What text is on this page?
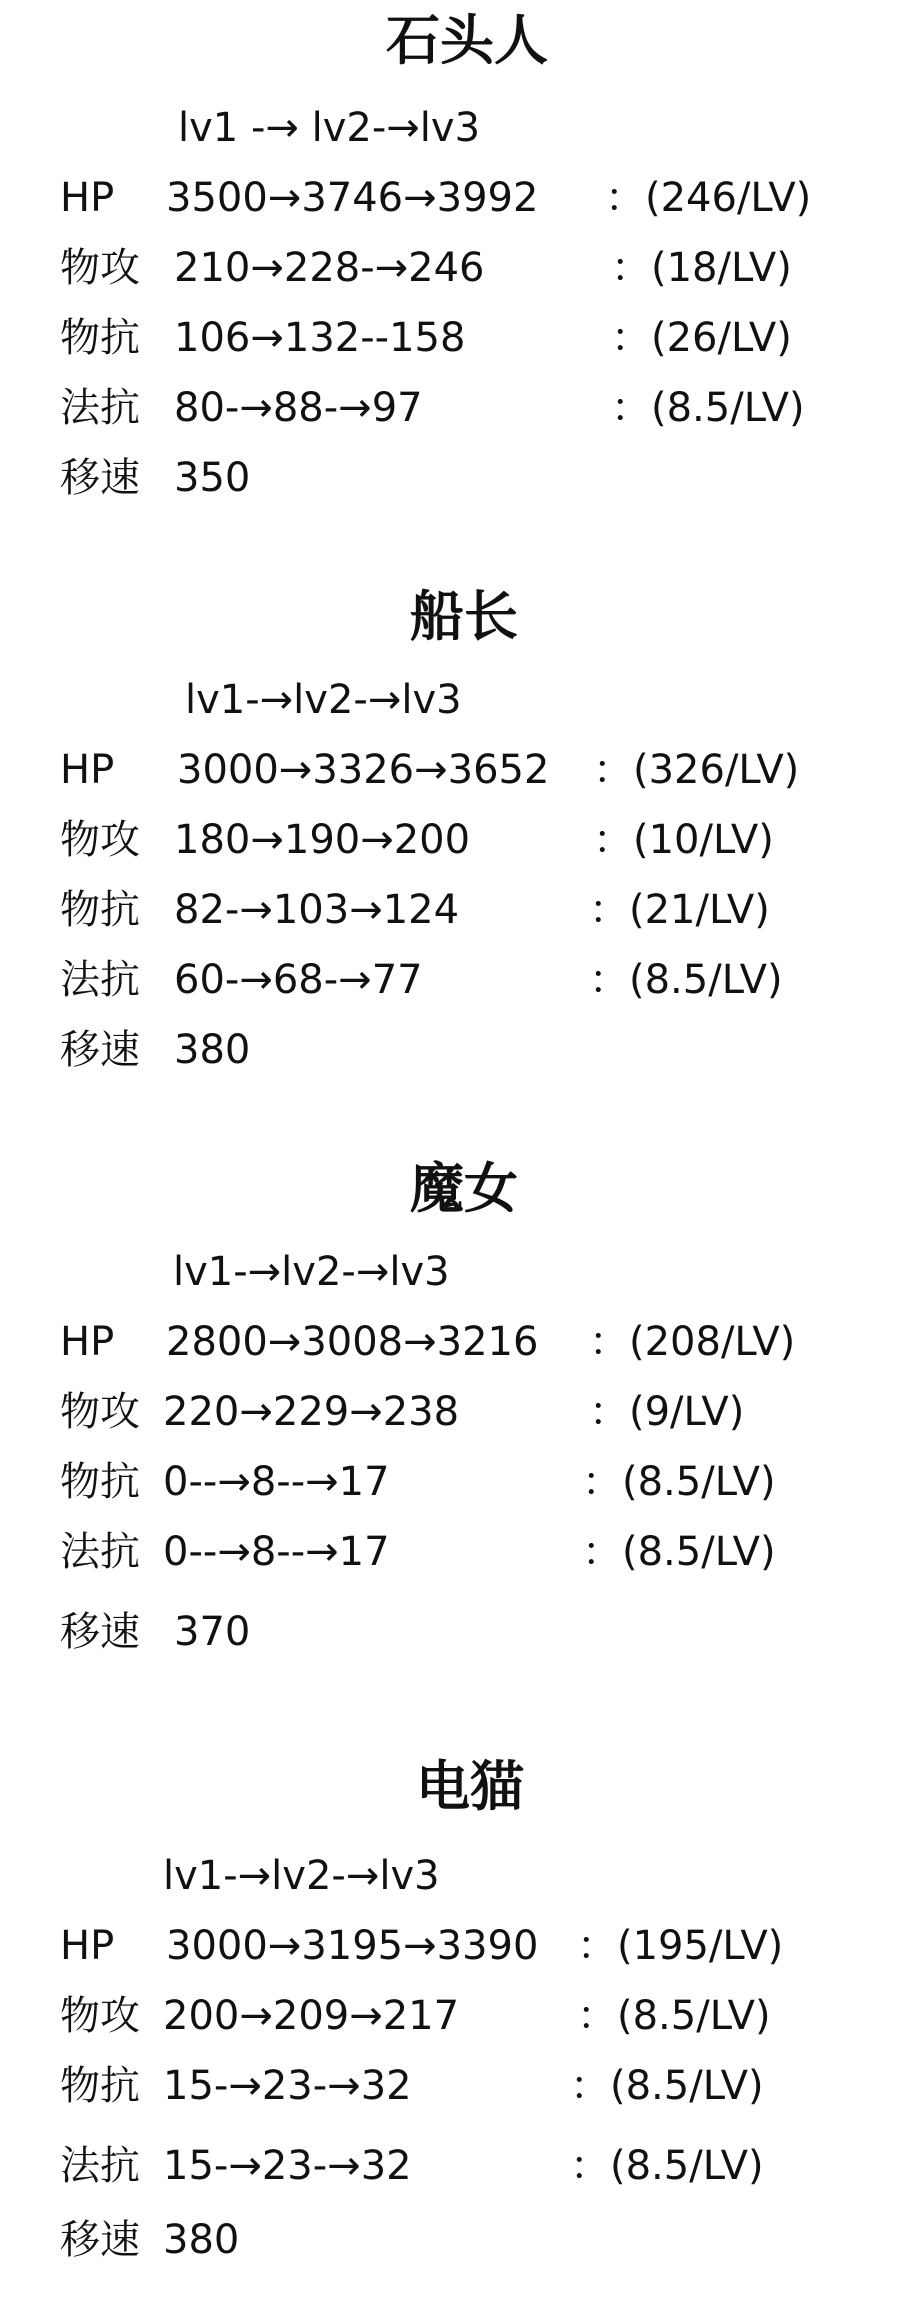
石头人
lv1 -→ lv2-→lv3
HP 3500→3746→3992 ：(246/LV)
物攻 210→228-→246	：(18/LV)
物抗 106→132--158	：(26/LV)
法抗 80-→88-→97	：(8.5/LV)
移速 350
船长
lv1-→lv2-→lv3
HP 3000→3326→3652 ：(326/LV)
物攻 180→190→200	：(10/LV)
物抗 82-→103→124	：(21/LV)
法抗 60-→68-→77	：(8.5/LV)
移速 380
魔女
lv1-→lv2-→lv3
HP 2800→3008→3216 ：(208/LV)
物攻 220→229→238	：(9/LV)
物抗 0--→8--→17	：(8.5/LV)
法抗 0--→8--→17	：(8.5/LV)
移速 370
电猫
lv1-→lv2-→lv3
HP 3000→3195→3390 ：(195/LV)
物攻 200→209→217	：(8.5/LV)
物抗 15-→23-→32	：(8.5/LV)
法抗 15-→23-→32	：(8.5/LV)
移速 380
